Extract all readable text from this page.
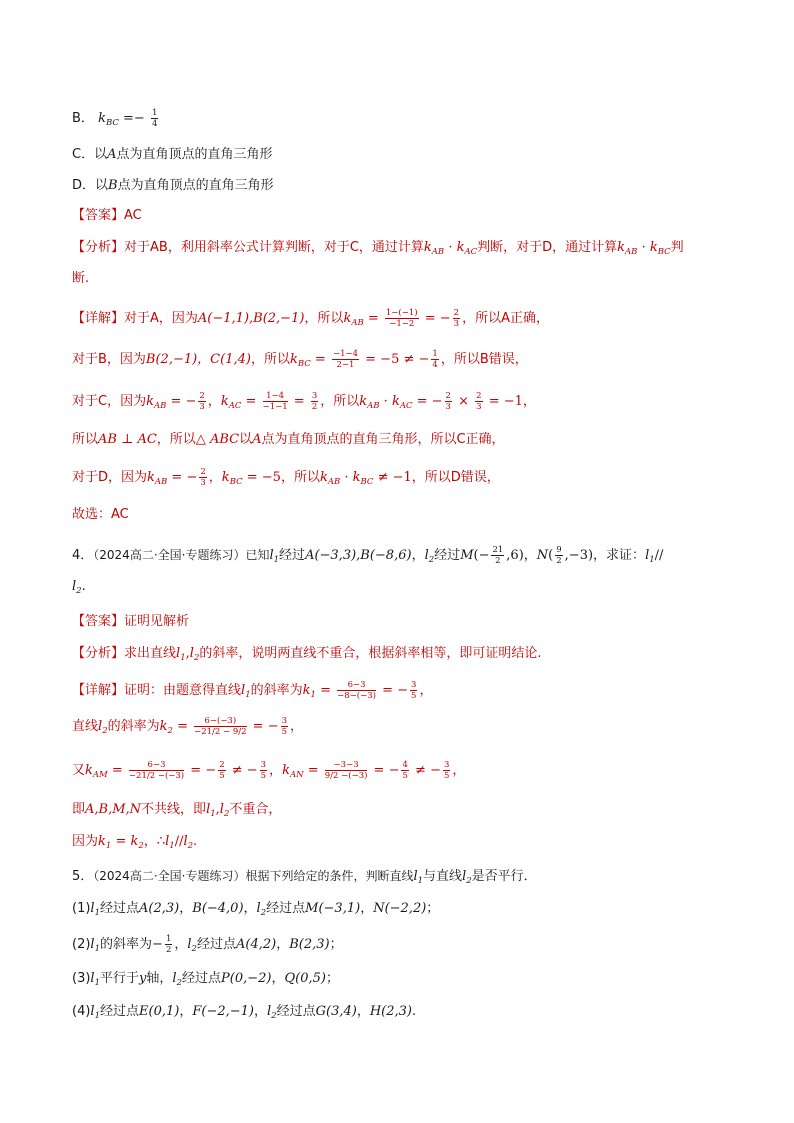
B． $k_{BC} =- \frac{1}{4}$
C．以A点为直角顶点的直角三角形
D．以B点为直角顶点的直角三角形
【答案】AC
【分析】对于AB，利用斜率公式计算判断，对于C，通过计算$k_{AB} \cdot k_{AC}$判断，对于D，通过计算$k_{AB} \cdot k_{BC}$判
断.
【详解】对于A，因为A(−1,1),B(2,−1)，所以$k_{AB} = \frac{1-(-1)}{-1-2}$ = − $\frac{2}{3}$ ，所以A正确，
对于B，因为B(2,−1)，C(1,4)，所以$k_{BC} = \frac{-1-4}{2-1} = -5$ ≠ − $\frac{1}{4}$ ，所以B错误，
对于C，因为$k_{AB}$ = − $\frac{2}{3}$ ，$k_{AC} = \frac{1-4}{-1-1} = \frac{3}{2}$ ，所以$k_{AB} \cdot k_{AC}$ = − $\frac{2}{3} \times \frac{2}{3} = -1$，
所以AB ⊥ AC，所以△ ABC以A点为直角顶点的直角三角形，所以C正确，
对于D，因为$k_{AB}$ = − $\frac{2}{3}$ ，$k_{BC} = -5$，所以$k_{AB} \cdot k_{BC} \ne -1$，所以D错误，
故选：AC
4．（2024高二·全国·专题练习）已知$l_1$经过A(−3,3),B(−8,6)，$l_2$经过$M(- \frac{21}{2} ,6)$，$N( \frac{9}{2} ,-3)$，求证：$l_1//$
$l_2$.
【答案】证明见解析
【分析】求出直线$l_1,l_2$的斜率，说明两直线不重合，根据斜率相等，即可证明结论.
【详解】证明：由题意得直线$l_1$的斜率为$k_1 = \frac{6-3}{-8-(-3)}$ = − $\frac{3}{5}$ ，
直线$l_2$的斜率为$k_2 = \frac{6-(-3)}{-21/2 - 9/2}$ = − $\frac{3}{5}$ ，
又$k_{AM} = \frac{6-3}{-21/2 -(-3)}$ = − $\frac{2}{5}$ ≠ − $\frac{3}{5}$ ，$k_{AN} = \frac{-3-3}{9/2 -(-3)}$ = − $\frac{4}{5}$ ≠ − $\frac{3}{5}$ ，
即A,B,M,N不共线，即$l_1,l_2$不重合，
因为$k_1 = k_2$，$\therefore l_1//l_2$.
5．（2024高二·全国·专题练习）根据下列给定的条件，判断直线$l_1$与直线$l_2$是否平行．
$(1)l_1$经过点A(2,3)，B(−4,0)，$l_2$经过点M(−3,1)，N(−2,2)；
$(2)l_1$的斜率为− $\frac{1}{2}$ ，$l_2$经过点A(4,2)，B(2,3)；
$(3)l_1$平行于y轴，$l_2$经过点P(0,−2)，Q(0,5)；
$(4)l_1$经过点E(0,1)，F(−2,−1)，$l_2$经过点G(3,4)，H(2,3).
